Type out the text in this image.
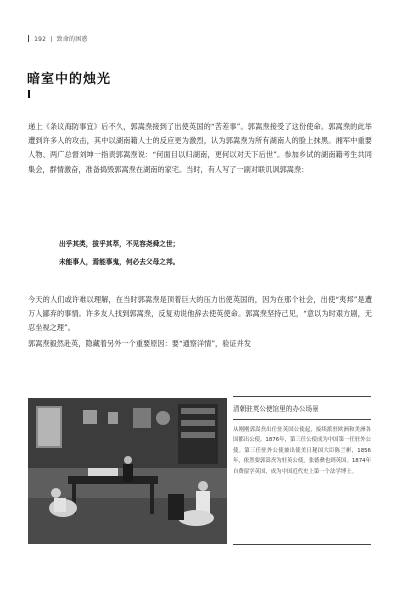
192 | 致命的困惑
暗室中的烛光
递上《条议海防事宜》后不久，郭嵩焘接到了出使英国的“苦差事”。郭嵩焘接受了这份使命。郭嵩焘的此举遭到许多人的攻击，其中以湖南籍人士的反应更为激烈，认为郭嵩焘为所有湖南人的脸上抹黑。湘军中重要人物、两广总督刘坤一指责郭嵩焘说：“何面目以归湖南，更何以对天下后世”。参加乡试的湖南籍考生共同集会，群情激奋，准备捣毁郭嵩焘在湖南的家宅。当时，有人写了一副对联讥讽郭嵩焘：
出乎其类，拔乎其萃，不见容尧舜之世；
未能事人，焉能事鬼，何必去父母之邦。
今天的人们或许难以理解，在当时郭嵩焘是顶着巨大的压力出使英国的，因为在那个社会，出使“夷邦”是遭万人鄙弃的事情。许多友人找到郭嵩焘，反复劝说他辞去使英使命。郭嵩焘坚持己见，“意以为时艰方剧，无忍坐视之理”。
郭嵩焘毅然赴英，隐藏着另外一个重要原因：要“通察洋情”，验证并发
清朝驻英公使馆里的办公场景
从刚刚郭嵩焘出任驻英国公使起，接续派驻欧洲和美洲各国都出公使。1876年，第三任公使成为中国第一任驻外公使。第三任驻外公使兼出使美日秘国大臣陈兰彬，1856年，依然要郭嵩焘为驻英公使，张德彝也到英国。1874年自费留学英国，成为中国近代史上第一个法学博士。
